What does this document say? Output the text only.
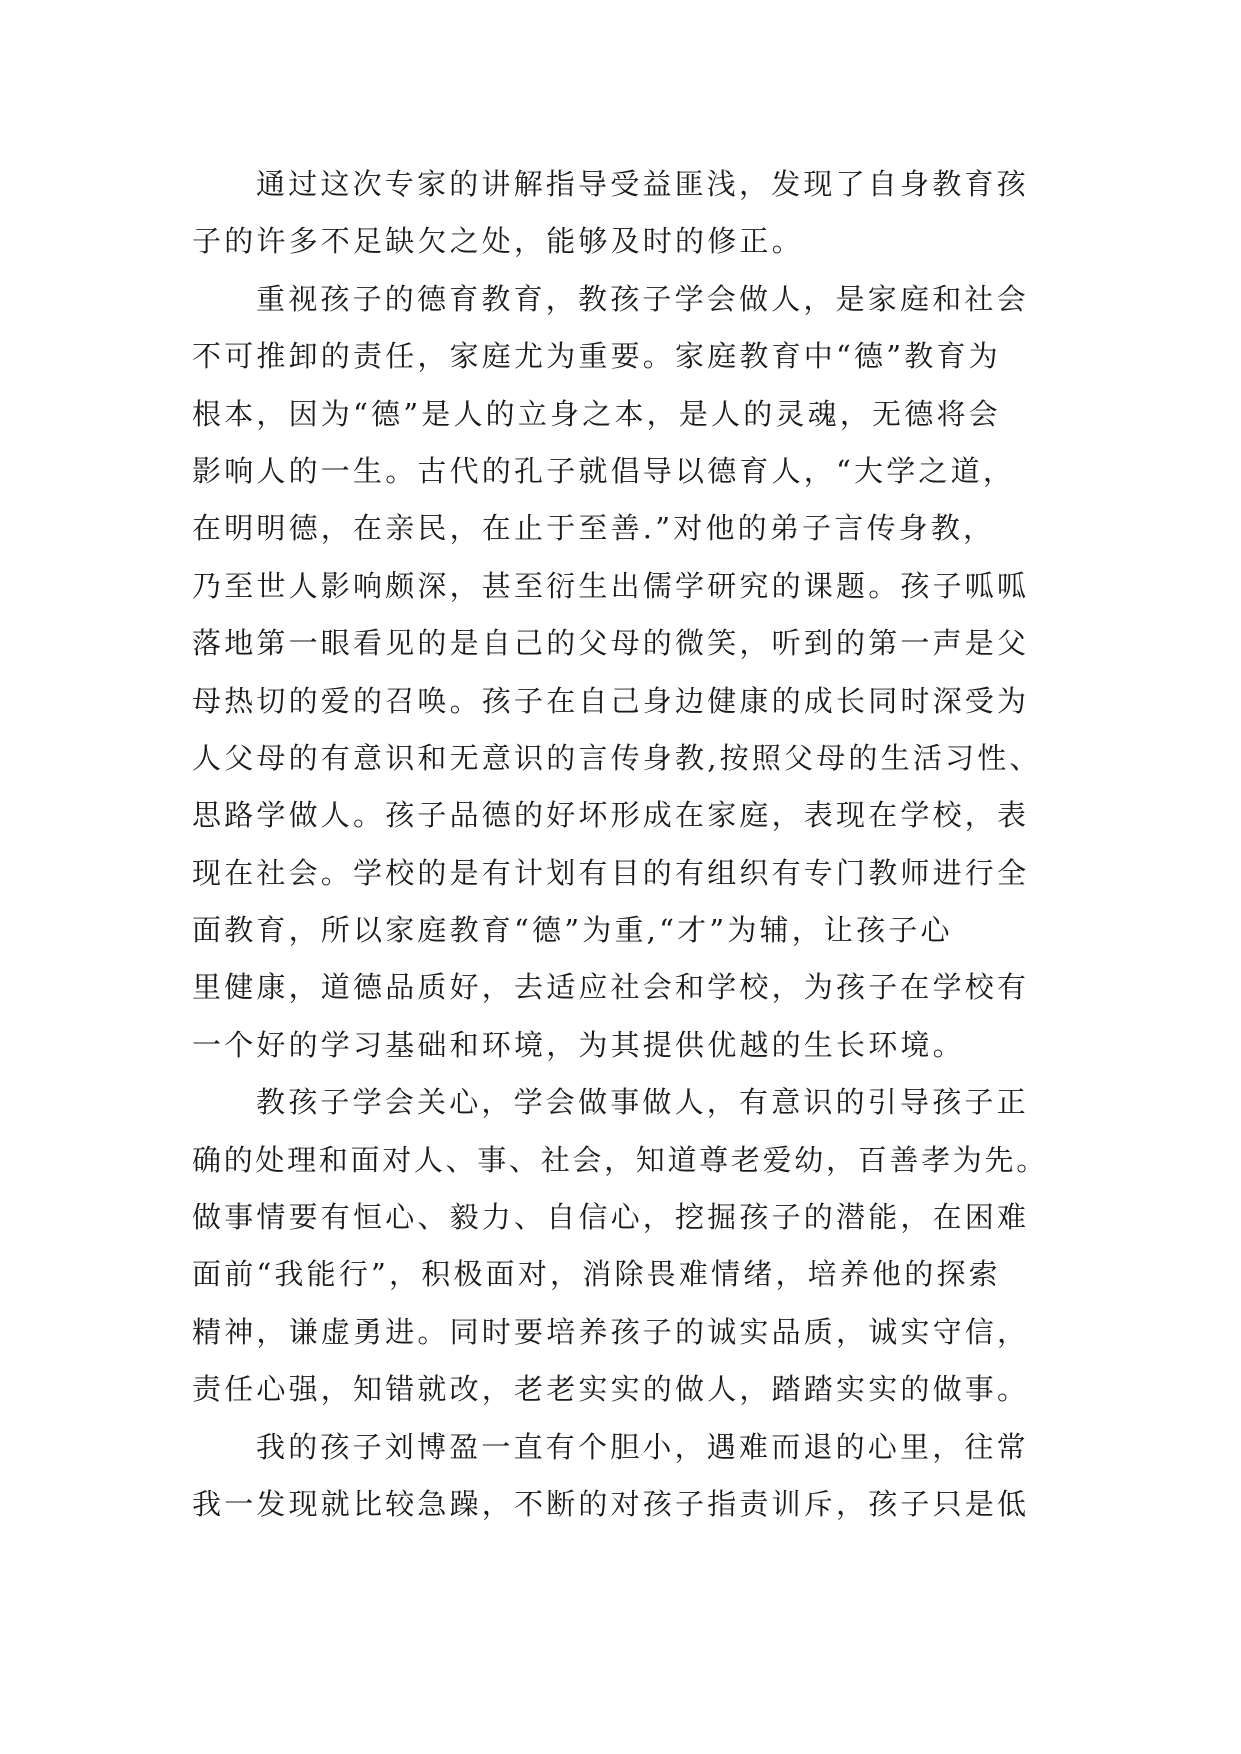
通过这次专家的讲解指导受益匪浅，发现了自身教育孩
子的许多不足缺欠之处，能够及时的修正。
重视孩子的德育教育，教孩子学会做人，是家庭和社会
不可推卸的责任，家庭尤为重要。家庭教育中“德”教育为
根本，因为“德”是人的立身之本，是人的灵魂，无德将会
影响人的一生。古代的孔子就倡导以德育人，“大学之道，
在明明德，在亲民，在止于至善.”对他的弟子言传身教，
乃至世人影响颇深，甚至衍生出儒学研究的课题。孩子呱呱
落地第一眼看见的是自己的父母的微笑，听到的第一声是父
母热切的爱的召唤。孩子在自己身边健康的成长同时深受为
人父母的有意识和无意识的言传身教,按照父母的生活习性、
思路学做人。孩子品德的好坏形成在家庭，表现在学校，表
现在社会。学校的是有计划有目的有组织有专门教师进行全
面教育，所以家庭教育“德”为重,“才”为辅，让孩子心
里健康，道德品质好，去适应社会和学校，为孩子在学校有
一个好的学习基础和环境，为其提供优越的生长环境。
教孩子学会关心，学会做事做人，有意识的引导孩子正
确的处理和面对人、事、社会，知道尊老爱幼，百善孝为先。
做事情要有恒心、毅力、自信心，挖掘孩子的潜能，在困难
面前“我能行”，积极面对，消除畏难情绪，培养他的探索
精神，谦虚勇进。同时要培养孩子的诚实品质，诚实守信，
责任心强，知错就改，老老实实的做人，踏踏实实的做事。
我的孩子刘博盈一直有个胆小，遇难而退的心里，往常
我一发现就比较急躁，不断的对孩子指责训斥，孩子只是低
